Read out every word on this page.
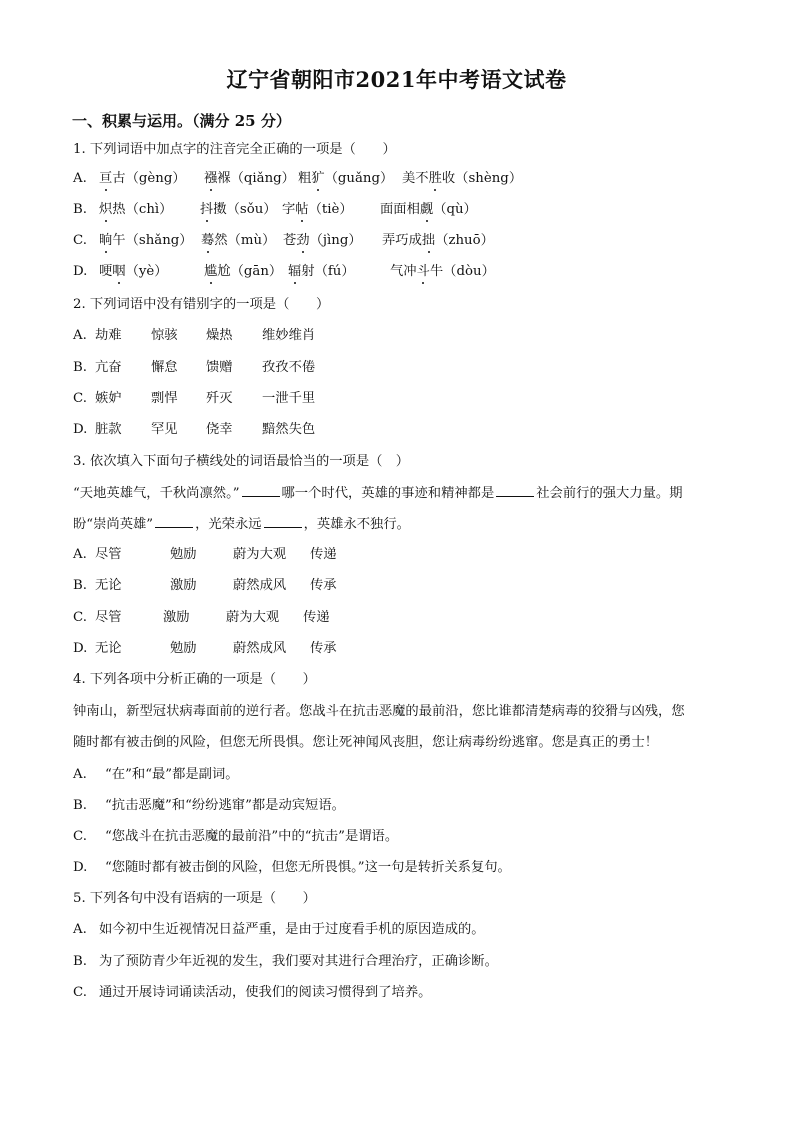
辽宁省朝阳市2021年中考语文试卷
一、积累与运用。（满分 25 分）
1. 下列词语中加点字的注音完全正确的一项是（　　）
A. 亘古（gèng） 襁褓（qiǎng） 粗犷（guǎng） 美不胜收（shèng）
B. 炽热（chì） 抖擞（sǒu） 字帖（tiè） 面面相觑（qù）
C. 晌午（shǎng） 蓦然（mù） 苍劲（jìng） 弄巧成拙（zhuō）
D. 哽咽（yè）	尴尬（gān） 辐射（fú）	气冲斗牛（dòu）
2. 下列词语中没有错别字的一项是（　　）
A. 劫难 惊骇 燥热 维妙维肖
B. 亢奋 懈怠 馈赠 孜孜不倦
C. 嫉妒 剽悍 歼灭 一泄千里
D. 脏款 罕见 侥幸 黯然失色
3. 依次填入下面句子横线处的词语最恰当的一项是（　）
“天地英雄气，千秋尚凛然。”	哪一个时代，英雄的事迹和精神都是	社会前行的强大力量。期
盼“崇尚英雄”	，光荣永远	，英雄永不独行。
A. 尽管	勉励	蔚为大观 传递
B. 无论	激励	蔚然成风 传承
C. 尽管	激励	蔚为大观 传递
D. 无论	勉励	蔚然成风 传承
4. 下列各项中分析正确的一项是（　　）
钟南山，新型冠状病毒面前的逆行者。您战斗在抗击恶魔的最前沿，您比谁都清楚病毒的狡猾与凶残，您
随时都有被击倒的风险，但您无所畏惧。您让死神闻风丧胆，您让病毒纷纷逃窜。您是真正的勇士！
A. “在”和“最”都是副词。
B. “抗击恶魔”和“纷纷逃窜”都是动宾短语。
C. “您战斗在抗击恶魔的最前沿”中的“抗击”是谓语。
D. “您随时都有被击倒的风险，但您无所畏惧。”这一句是转折关系复句。
5. 下列各句中没有语病的一项是（　　）
A. 如今初中生近视情况日益严重，是由于过度看手机的原因造成的。
B. 为了预防青少年近视的发生，我们要对其进行合理治疗，正确诊断。
C. 通过开展诗词诵读活动，使我们的阅读习惯得到了培养。
